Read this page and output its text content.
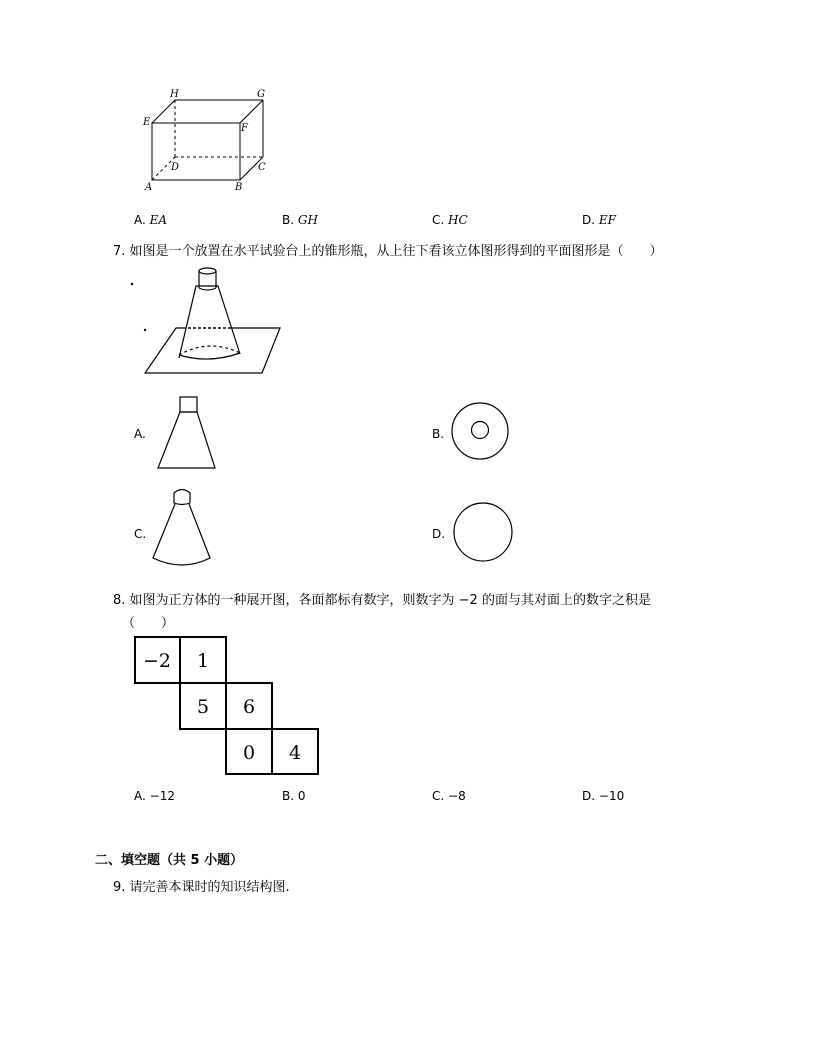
H	G
E
F
D	C
A	B
A. EA	B. GH	C. HC	D. EF
7. 如图是一个放置在水平试验台上的锥形瓶，从上往下看该立体图形得到的平面图形是（　　）
A.	B.
C.	D.
8. 如图为正方体的一种展开图，各面都标有数字，则数字为 −2 的面与其对面上的数字之积是
（　　）
−2 1
5 6
0 4
A. −12	B. 0	C. −8	D. −10
二、填空题（共 5 小题）
9. 请完善本课时的知识结构图.
